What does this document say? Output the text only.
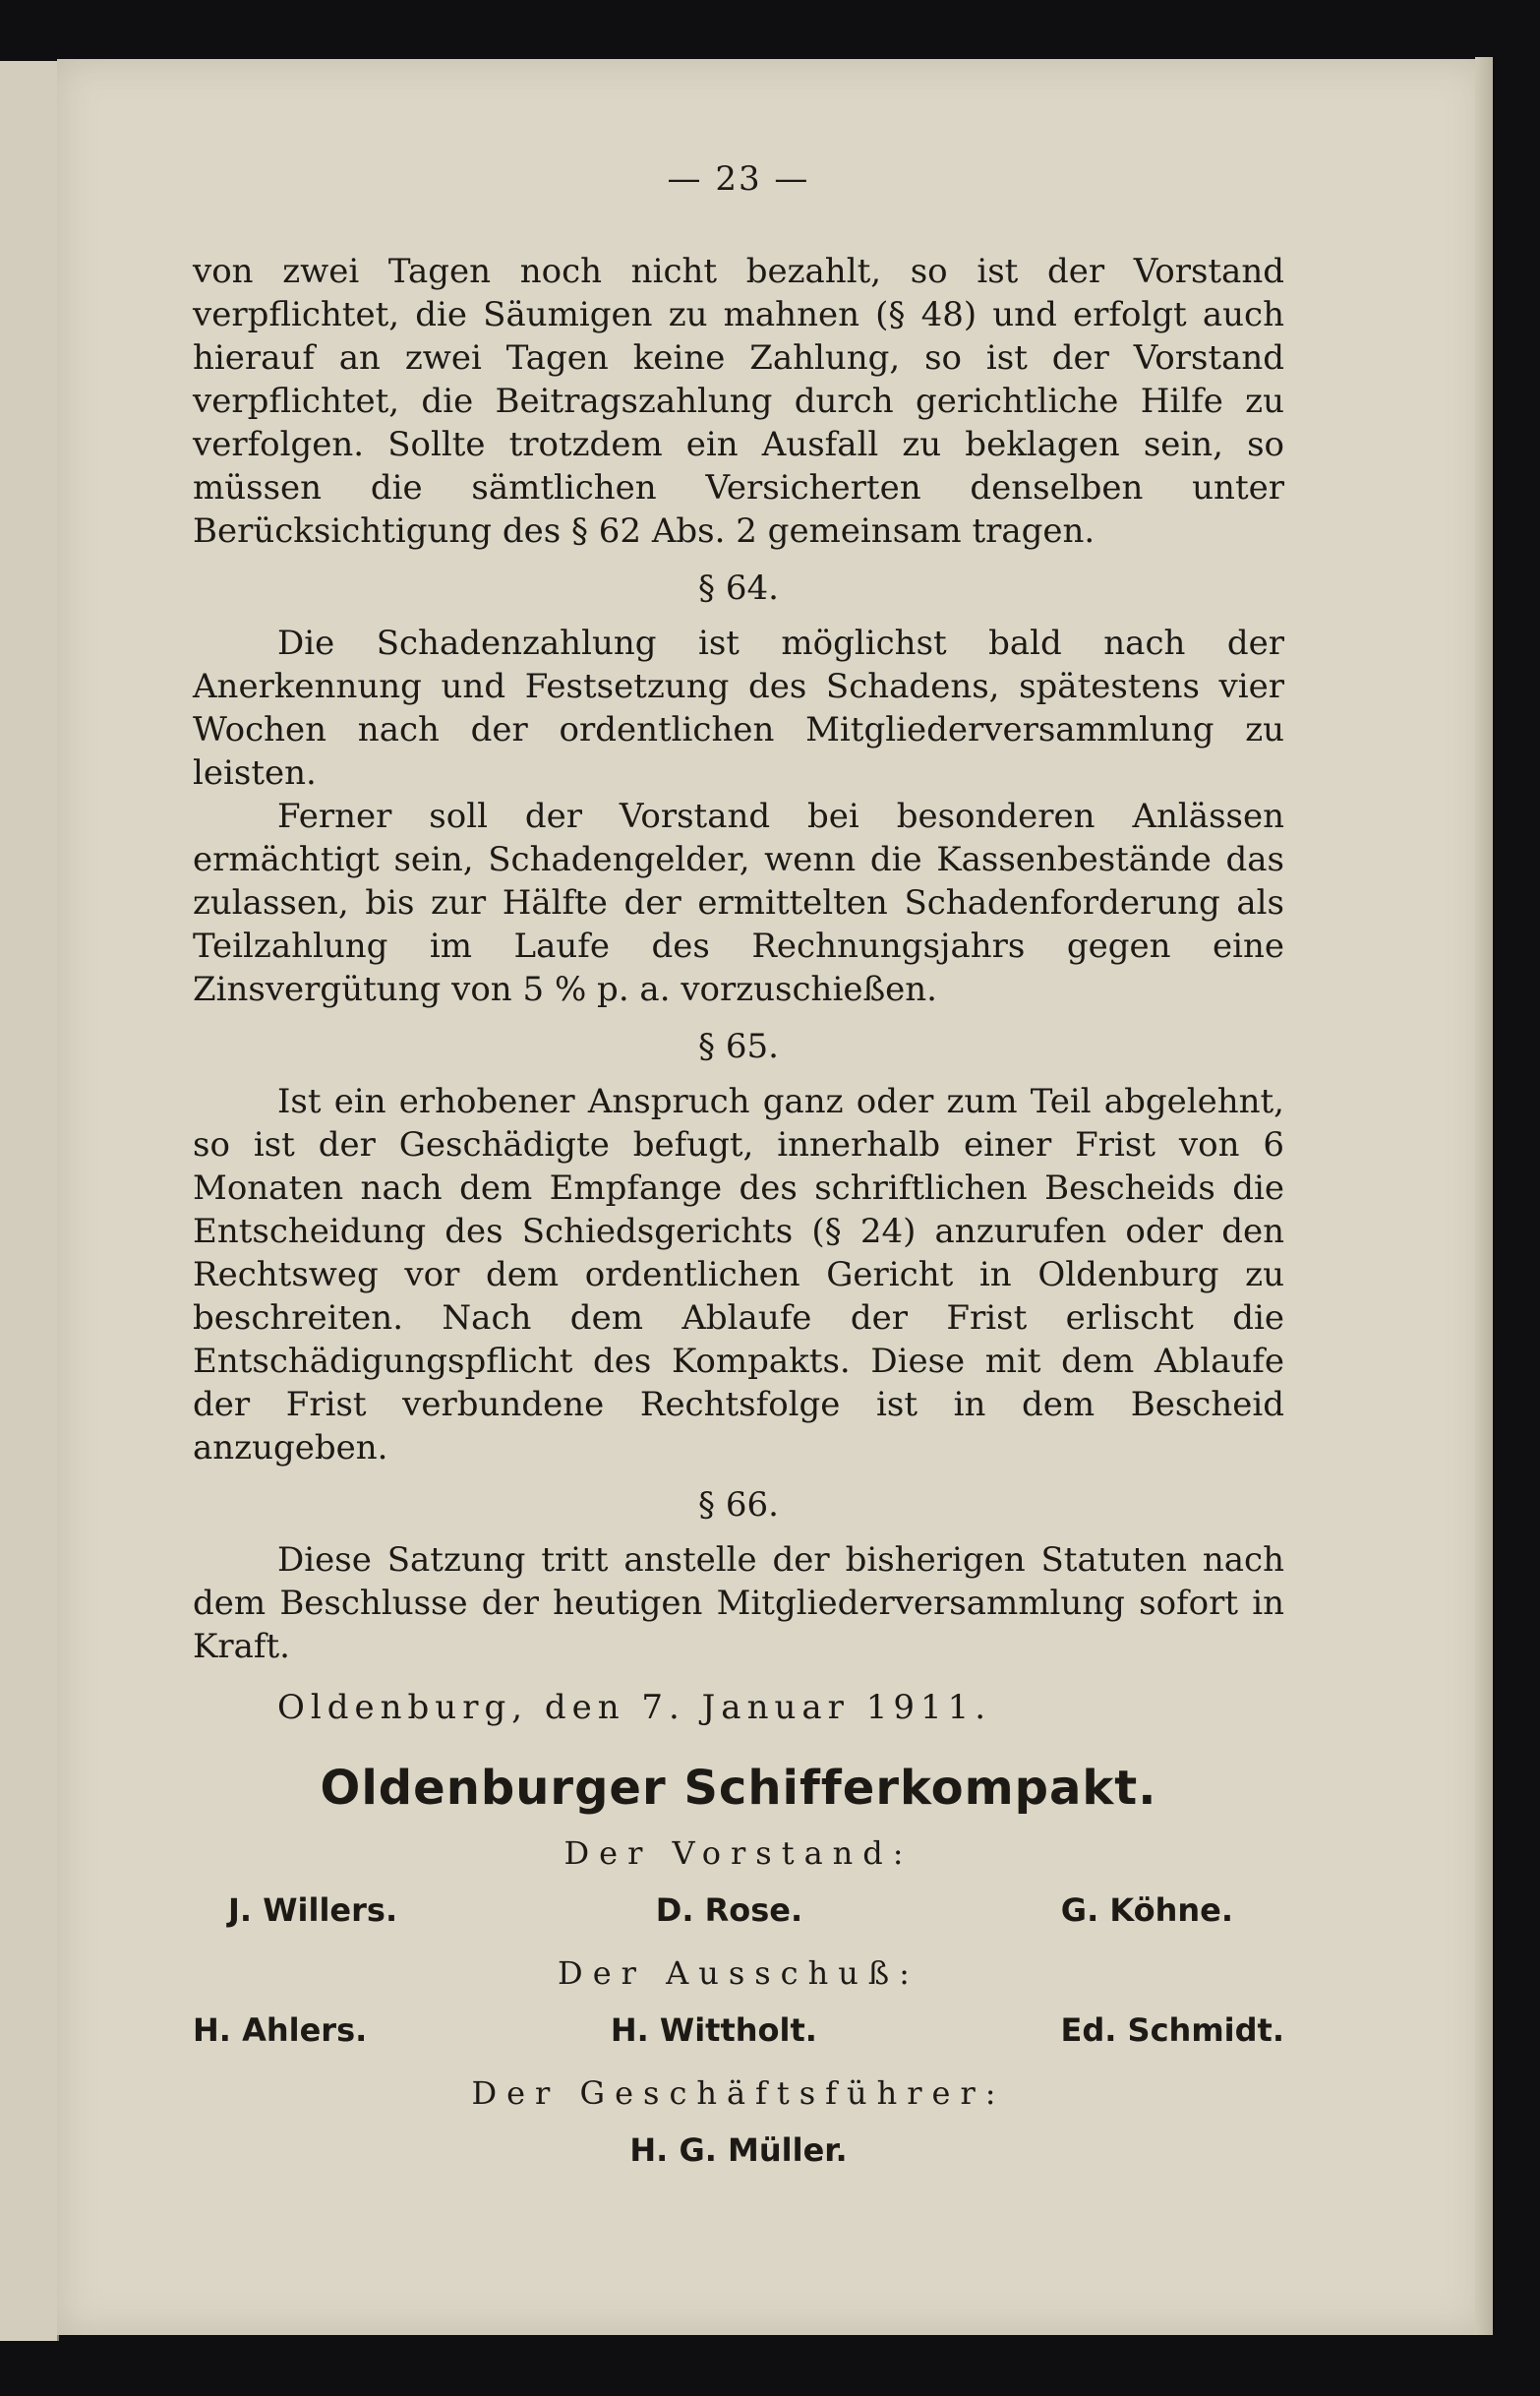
— 23 —

von zwei Tagen noch nicht bezahlt, so ist der Vorstand verpflichtet, die Säumigen zu mahnen (§ 48) und erfolgt auch hierauf an zwei Tagen keine Zahlung, so ist der Vorstand verpflichtet, die Beitragszahlung durch gerichtliche Hilfe zu verfolgen. Sollte trotzdem ein Ausfall zu beklagen sein, so müssen die sämtlichen Versicherten denselben unter Berücksichtigung des § 62 Abs. 2 gemeinsam tragen.

§ 64.

Die Schadenzahlung ist möglichst bald nach der Anerkennung und Festsetzung des Schadens, spätestens vier Wochen nach der ordentlichen Mitgliederversammlung zu leisten.

Ferner soll der Vorstand bei besonderen Anlässen ermächtigt sein, Schadengelder, wenn die Kassenbestände das zulassen, bis zur Hälfte der ermittelten Schadenforderung als Teilzahlung im Laufe des Rechnungsjahrs gegen eine Zinsvergütung von 5 % p. a. vorzuschießen.

§ 65.

Ist ein erhobener Anspruch ganz oder zum Teil abgelehnt, so ist der Geschädigte befugt, innerhalb einer Frist von 6 Monaten nach dem Empfange des schriftlichen Bescheids die Entscheidung des Schiedsgerichts (§ 24) anzurufen oder den Rechtsweg vor dem ordentlichen Gericht in Oldenburg zu beschreiten. Nach dem Ablaufe der Frist erlischt die Entschädigungspflicht des Kompakts. Diese mit dem Ablaufe der Frist verbundene Rechtsfolge ist in dem Bescheid anzugeben.

§ 66.

Diese Satzung tritt anstelle der bisherigen Statuten nach dem Beschlusse der heutigen Mitgliederversammlung sofort in Kraft.

Oldenburg, den 7. Januar 1911.
Oldenburger Schifferkompakt.
Der Vorstand:
J. Willers.	D. Rose.	G. Köhne.
Der Ausschuß:
H. Ahlers.	H. Wittholt.	Ed. Schmidt.
Der Geschäftsführer:
H. G. Müller.
